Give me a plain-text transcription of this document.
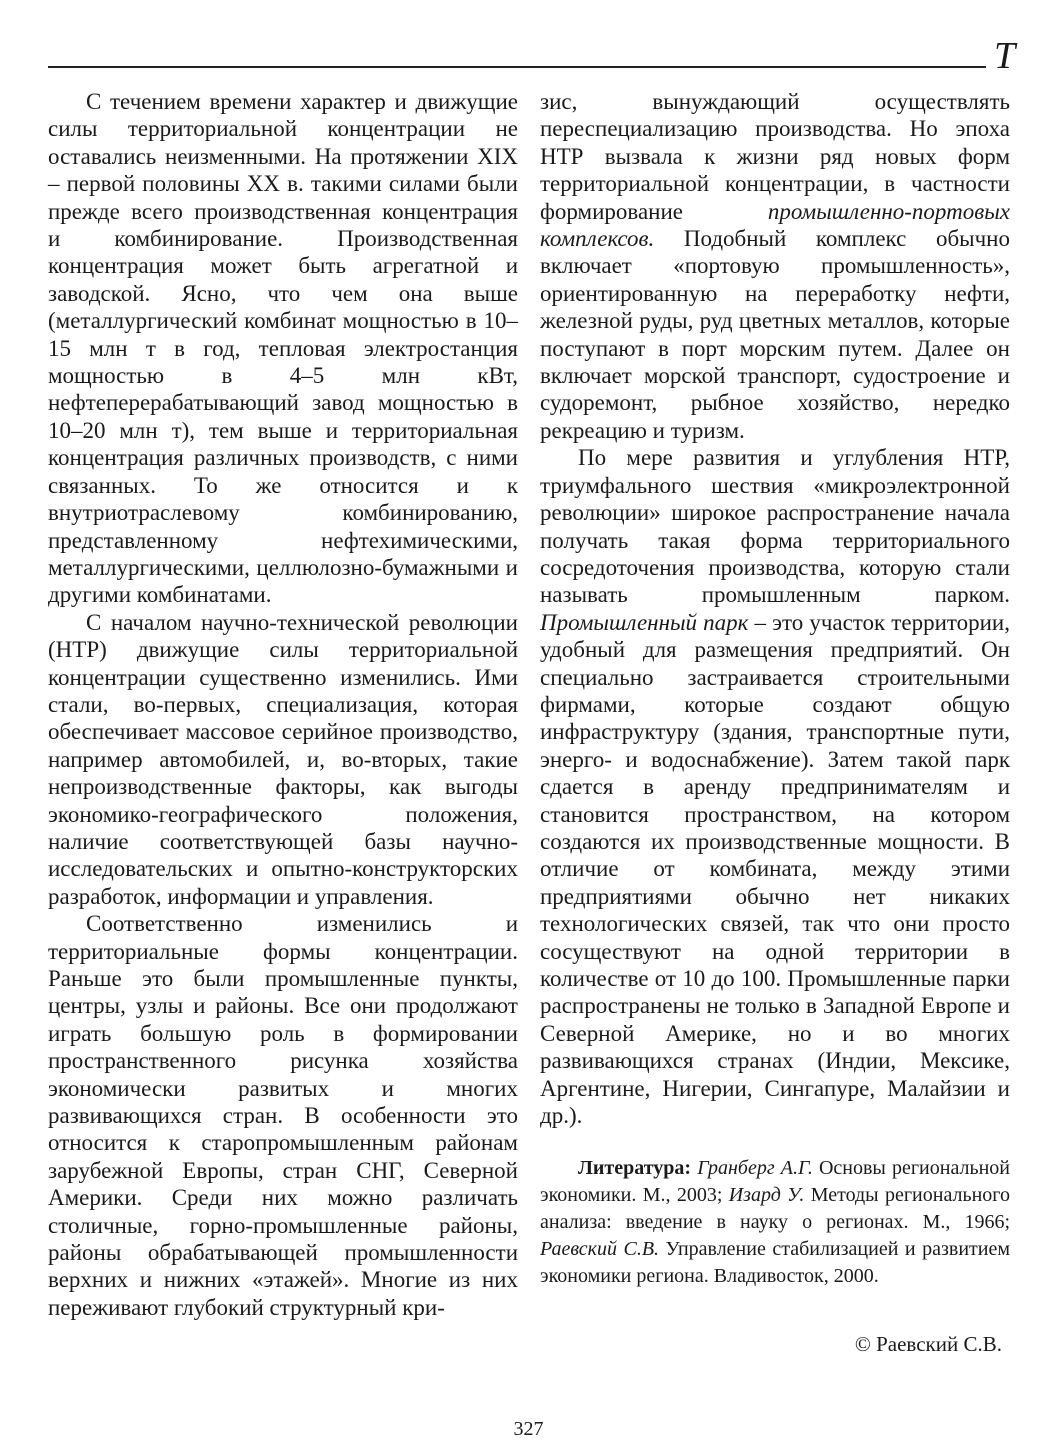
T

С течением времени характер и движущие силы территориальной концентрации не оставались неизменными. На протяжении XIX – первой половины XX в. такими силами были прежде всего производственная концентрация и комбинирование. Производственная концентрация может быть агрегатной и заводской. Ясно, что чем она выше (металлургический комбинат мощностью в 10–15 млн т в год, тепловая электростанция мощностью в 4–5 млн кВт, нефтеперерабатывающий завод мощностью в 10–20 млн т), тем выше и территориальная концентрация различных производств, с ними связанных. То же относится и к внутриотраслевому комбинированию, представленному нефтехимическими, металлургическими, целлюлозно-бумажными и другими комбинатами.

С началом научно-технической революции (НТР) движущие силы территориальной концентрации существенно изменились. Ими стали, во-первых, специализация, которая обеспечивает массовое серийное производство, например автомобилей, и, во-вторых, такие непроизводственные факторы, как выгоды экономико-географического положения, наличие соответствующей базы научно-исследовательских и опытно-конструкторских разработок, информации и управления.

Соответственно изменились и территориальные формы концентрации. Раньше это были промышленные пункты, центры, узлы и районы. Все они продолжают играть большую роль в формировании пространственного рисунка хозяйства экономически развитых и многих развивающихся стран. В особенности это относится к старопромышленным районам зарубежной Европы, стран СНГ, Северной Америки. Среди них можно различать столичные, горно-промышленные районы, районы обрабатывающей промышленности верхних и нижних «этажей». Многие из них переживают глубокий структурный кри-

зис, вынуждающий осуществлять переспециализацию производства. Но эпоха НТР вызвала к жизни ряд новых форм территориальной концентрации, в частности формирование промышленно-портовых комплексов. Подобный комплекс обычно включает «портовую промышленность», ориентированную на переработку нефти, железной руды, руд цветных металлов, которые поступают в порт морским путем. Далее он включает морской транспорт, судостроение и судоремонт, рыбное хозяйство, нередко рекреацию и туризм.

По мере развития и углубления НТР, триумфального шествия «микроэлектронной революции» широкое распространение начала получать такая форма территориального сосредоточения производства, которую стали называть промышленным парком. Промышленный парк – это участок территории, удобный для размещения предприятий. Он специально застраивается строительными фирмами, которые создают общую инфраструктуру (здания, транспортные пути, энерго- и водоснабжение). Затем такой парк сдается в аренду предпринимателям и становится пространством, на котором создаются их производственные мощности. В отличие от комбината, между этими предприятиями обычно нет никаких технологических связей, так что они просто сосуществуют на одной территории в количестве от 10 до 100. Промышленные парки распространены не только в Западной Европе и Северной Америке, но и во многих развивающихся странах (Индии, Мексике, Аргентине, Нигерии, Сингапуре, Малайзии и др.).

Литература: Гранберг А.Г. Основы региональной экономики. М., 2003; Изард У. Методы регионального анализа: введение в науку о регионах. М., 1966; Раевский С.В. Управление стабилизацией и развитием экономики региона. Владивосток, 2000.

© Раевский С.В.
327
